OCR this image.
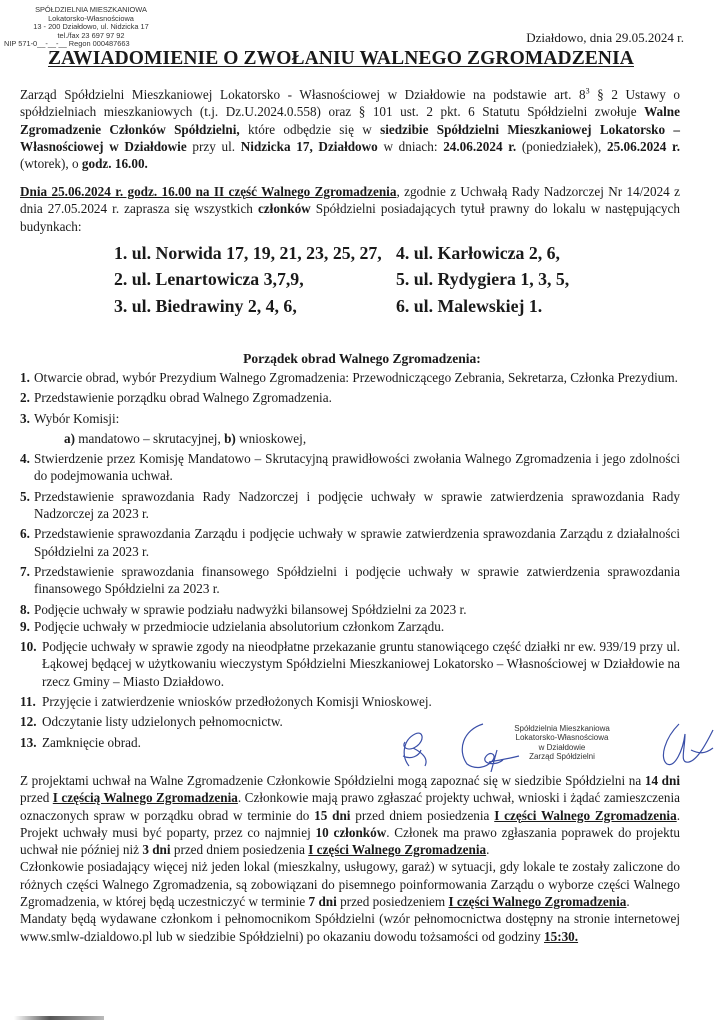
SPÓŁDZIELNIA MIESZKANIOWA
Lokatorsko-Własnościowa
13 - 200 Działdowo, ul. Nidzicka 17
tel./fax 23 697 97 92
NIP 571-0__-__-__ Regon 000487663	Działdowo, dnia 29.05.2024 r.
ZAWIADOMIENIE O ZWOŁANIU WALNEGO ZGROMADZENIA
Zarząd Spółdzielni Mieszkaniowej Lokatorsko - Własnościowej w Działdowie na podstawie art. $8^3$ § 2 Ustawy o spółdzielniach mieszkaniowych (t.j. Dz.U.2024.0.558) oraz § 101 ust. 2 pkt. 6 Statutu Spółdzielni zwołuje Walne Zgromadzenie Członków Spółdzielni, które odbędzie się w siedzibie Spółdzielni Mieszkaniowej Lokatorsko – Własnościowej w Działdowie przy ul. Nidzicka 17, Działdowo w dniach: 24.06.2024 r. (poniedziałek), 25.06.2024 r. (wtorek), o godz. 16.00.
Dnia 25.06.2024 r. godz. 16.00 na II część Walnego Zgromadzenia, zgodnie z Uchwałą Rady Nadzorczej Nr 14/2024 z dnia 27.05.2024 r. zaprasza się wszystkich członków Spółdzielni posiadających tytuł prawny do lokalu w następujących budynkach:
1. ul. Norwida 17, 19, 21, 23, 25, 27,
2. ul. Lenartowicza 3,7,9,
3. ul. Biedrawiny 2, 4, 6,
4. ul. Karłowicza 2, 6,
5. ul. Rydygiera 1, 3, 5,
6. ul. Malewskiej 1.
Porządek obrad Walnego Zgromadzenia:
1. Otwarcie obrad, wybór Prezydium Walnego Zgromadzenia: Przewodniczącego Zebrania, Sekretarza, Członka Prezydium.
2. Przedstawienie porządku obrad Walnego Zgromadzenia.
3. Wybór Komisji:
a) mandatowo – skrutacyjnej, b) wnioskowej,
4. Stwierdzenie przez Komisję Mandatowo – Skrutacyjną prawidłowości zwołania Walnego Zgromadzenia i jego zdolności do podejmowania uchwał.
5. Przedstawienie sprawozdania Rady Nadzorczej i podjęcie uchwały w sprawie zatwierdzenia sprawozdania Rady Nadzorczej za 2023 r.
6. Przedstawienie sprawozdania Zarządu i podjęcie uchwały w sprawie zatwierdzenia sprawozdania Zarządu z działalności Spółdzielni za 2023 r.
7. Przedstawienie sprawozdania finansowego Spółdzielni i podjęcie uchwały w sprawie zatwierdzenia sprawozdania finansowego Spółdzielni za 2023 r.
8. Podjęcie uchwały w sprawie podziału nadwyżki bilansowej Spółdzielni za 2023 r.
9. Podjęcie uchwały w przedmiocie udzielania absolutorium członkom Zarządu.
10. Podjęcie uchwały w sprawie zgody na nieodpłatne przekazanie gruntu stanowiącego część działki nr ew. 939/19 przy ul. Łąkowej będącej w użytkowaniu wieczystym Spółdzielni Mieszkaniowej Lokatorsko – Własnościowej w Działdowie na rzecz Gminy – Miasto Działdowo.
11. Przyjęcie i zatwierdzenie wniosków przedłożonych Komisji Wnioskowej.
12. Odczytanie listy udzielonych pełnomocnictw.
13. Zamknięcie obrad.
Spółdzielnia Mieszkaniowa
Lokatorsko-Własnościowa
w Działdowie
Zarząd Spółdzielni
Z projektami uchwał na Walne Zgromadzenie Członkowie Spółdzielni mogą zapoznać się w siedzibie Spółdzielni na 14 dni przed I częścią Walnego Zgromadzenia. Członkowie mają prawo zgłaszać projekty uchwał, wnioski i żądać zamieszczenia oznaczonych spraw w porządku obrad w terminie do 15 dni przed dniem posiedzenia I części Walnego Zgromadzenia. Projekt uchwały musi być poparty, przez co najmniej 10 członków. Członek ma prawo zgłaszania poprawek do projektu uchwał nie później niż 3 dni przed dniem posiedzenia I części Walnego Zgromadzenia.
Członkowie posiadający więcej niż jeden lokal (mieszkalny, usługowy, garaż) w sytuacji, gdy lokale te zostały zaliczone do różnych części Walnego Zgromadzenia, są zobowiązani do pisemnego poinformowania Zarządu o wyborze części Walnego Zgromadzenia, w której będą uczestniczyć w terminie 7 dni przed posiedzeniem I części Walnego Zgromadzenia.
Mandaty będą wydawane członkom i pełnomocnikom Spółdzielni (wzór pełnomocnictwa dostępny na stronie internetowej www.smlw-dzialdowo.pl lub w siedzibie Spółdzielni) po okazaniu dowodu tożsamości od godziny 15:30.
